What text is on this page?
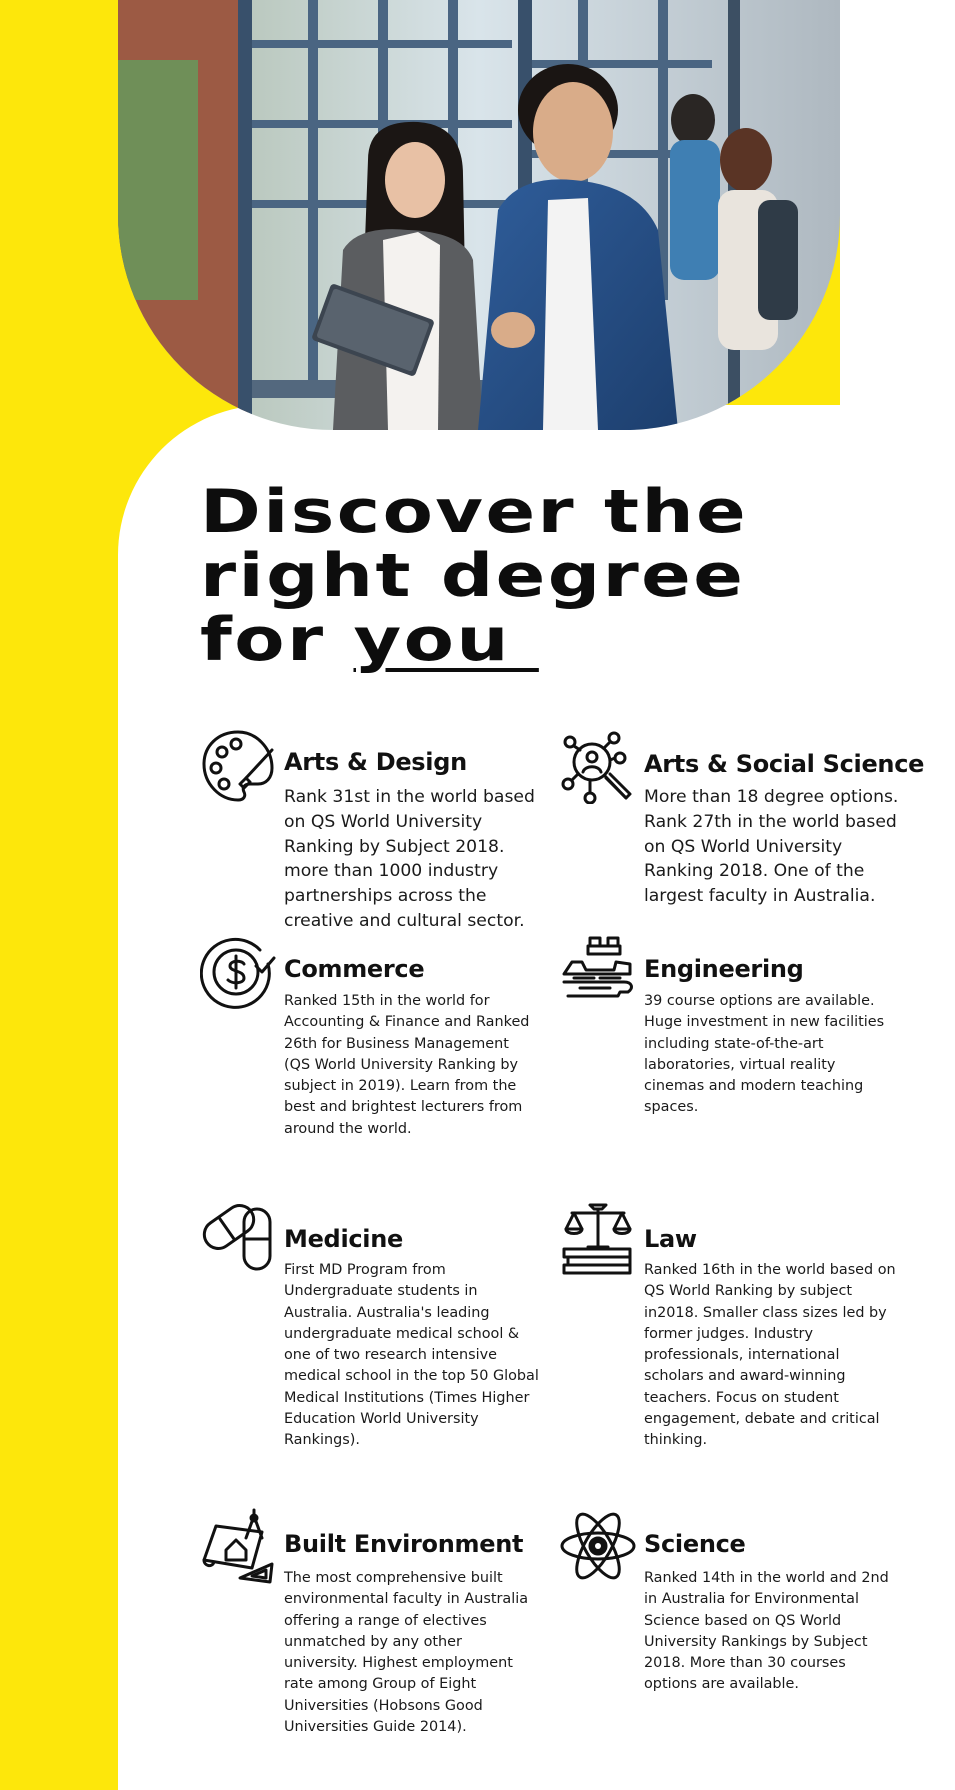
Discover the
right degree
for you
Arts & Design
Rank 31st in the world based on QS World University Ranking by Subject 2018. more than 1000 industry partnerships across the creative and cultural sector.
Arts & Social Science
More than 18 degree options. Rank 27th in the world based on QS World University Ranking 2018. One of the largest faculty in Australia.
Commerce
Ranked 15th in the world for Accounting & Finance and Ranked 26th for Business Management (QS World University Ranking by subject in 2019). Learn from the best and brightest lecturers from around the world.
Engineering
39 course options are available. Huge investment in new facilities including state-of-the-art laboratories, virtual reality cinemas and modern teaching spaces.
Medicine
First MD Program from Undergraduate students in Australia. Australia's leading undergraduate medical school & one of two research intensive medical school in the top 50 Global Medical Institutions (Times Higher Education World University Rankings).
Law
Ranked 16th in the world based on QS World Ranking by subject in2018. Smaller class sizes led by former judges. Industry professionals, international scholars and award-winning teachers. Focus on student engagement, debate and critical thinking.
Built Environment
The most comprehensive built environmental faculty in Australia offering a range of electives unmatched by any other university. Highest employment rate among Group of Eight Universities (Hobsons Good Universities Guide 2014).
Science
Ranked 14th in the world and 2nd in Australia for Environmental Science based on QS World University Rankings by Subject 2018. More than 30 courses options are available.
